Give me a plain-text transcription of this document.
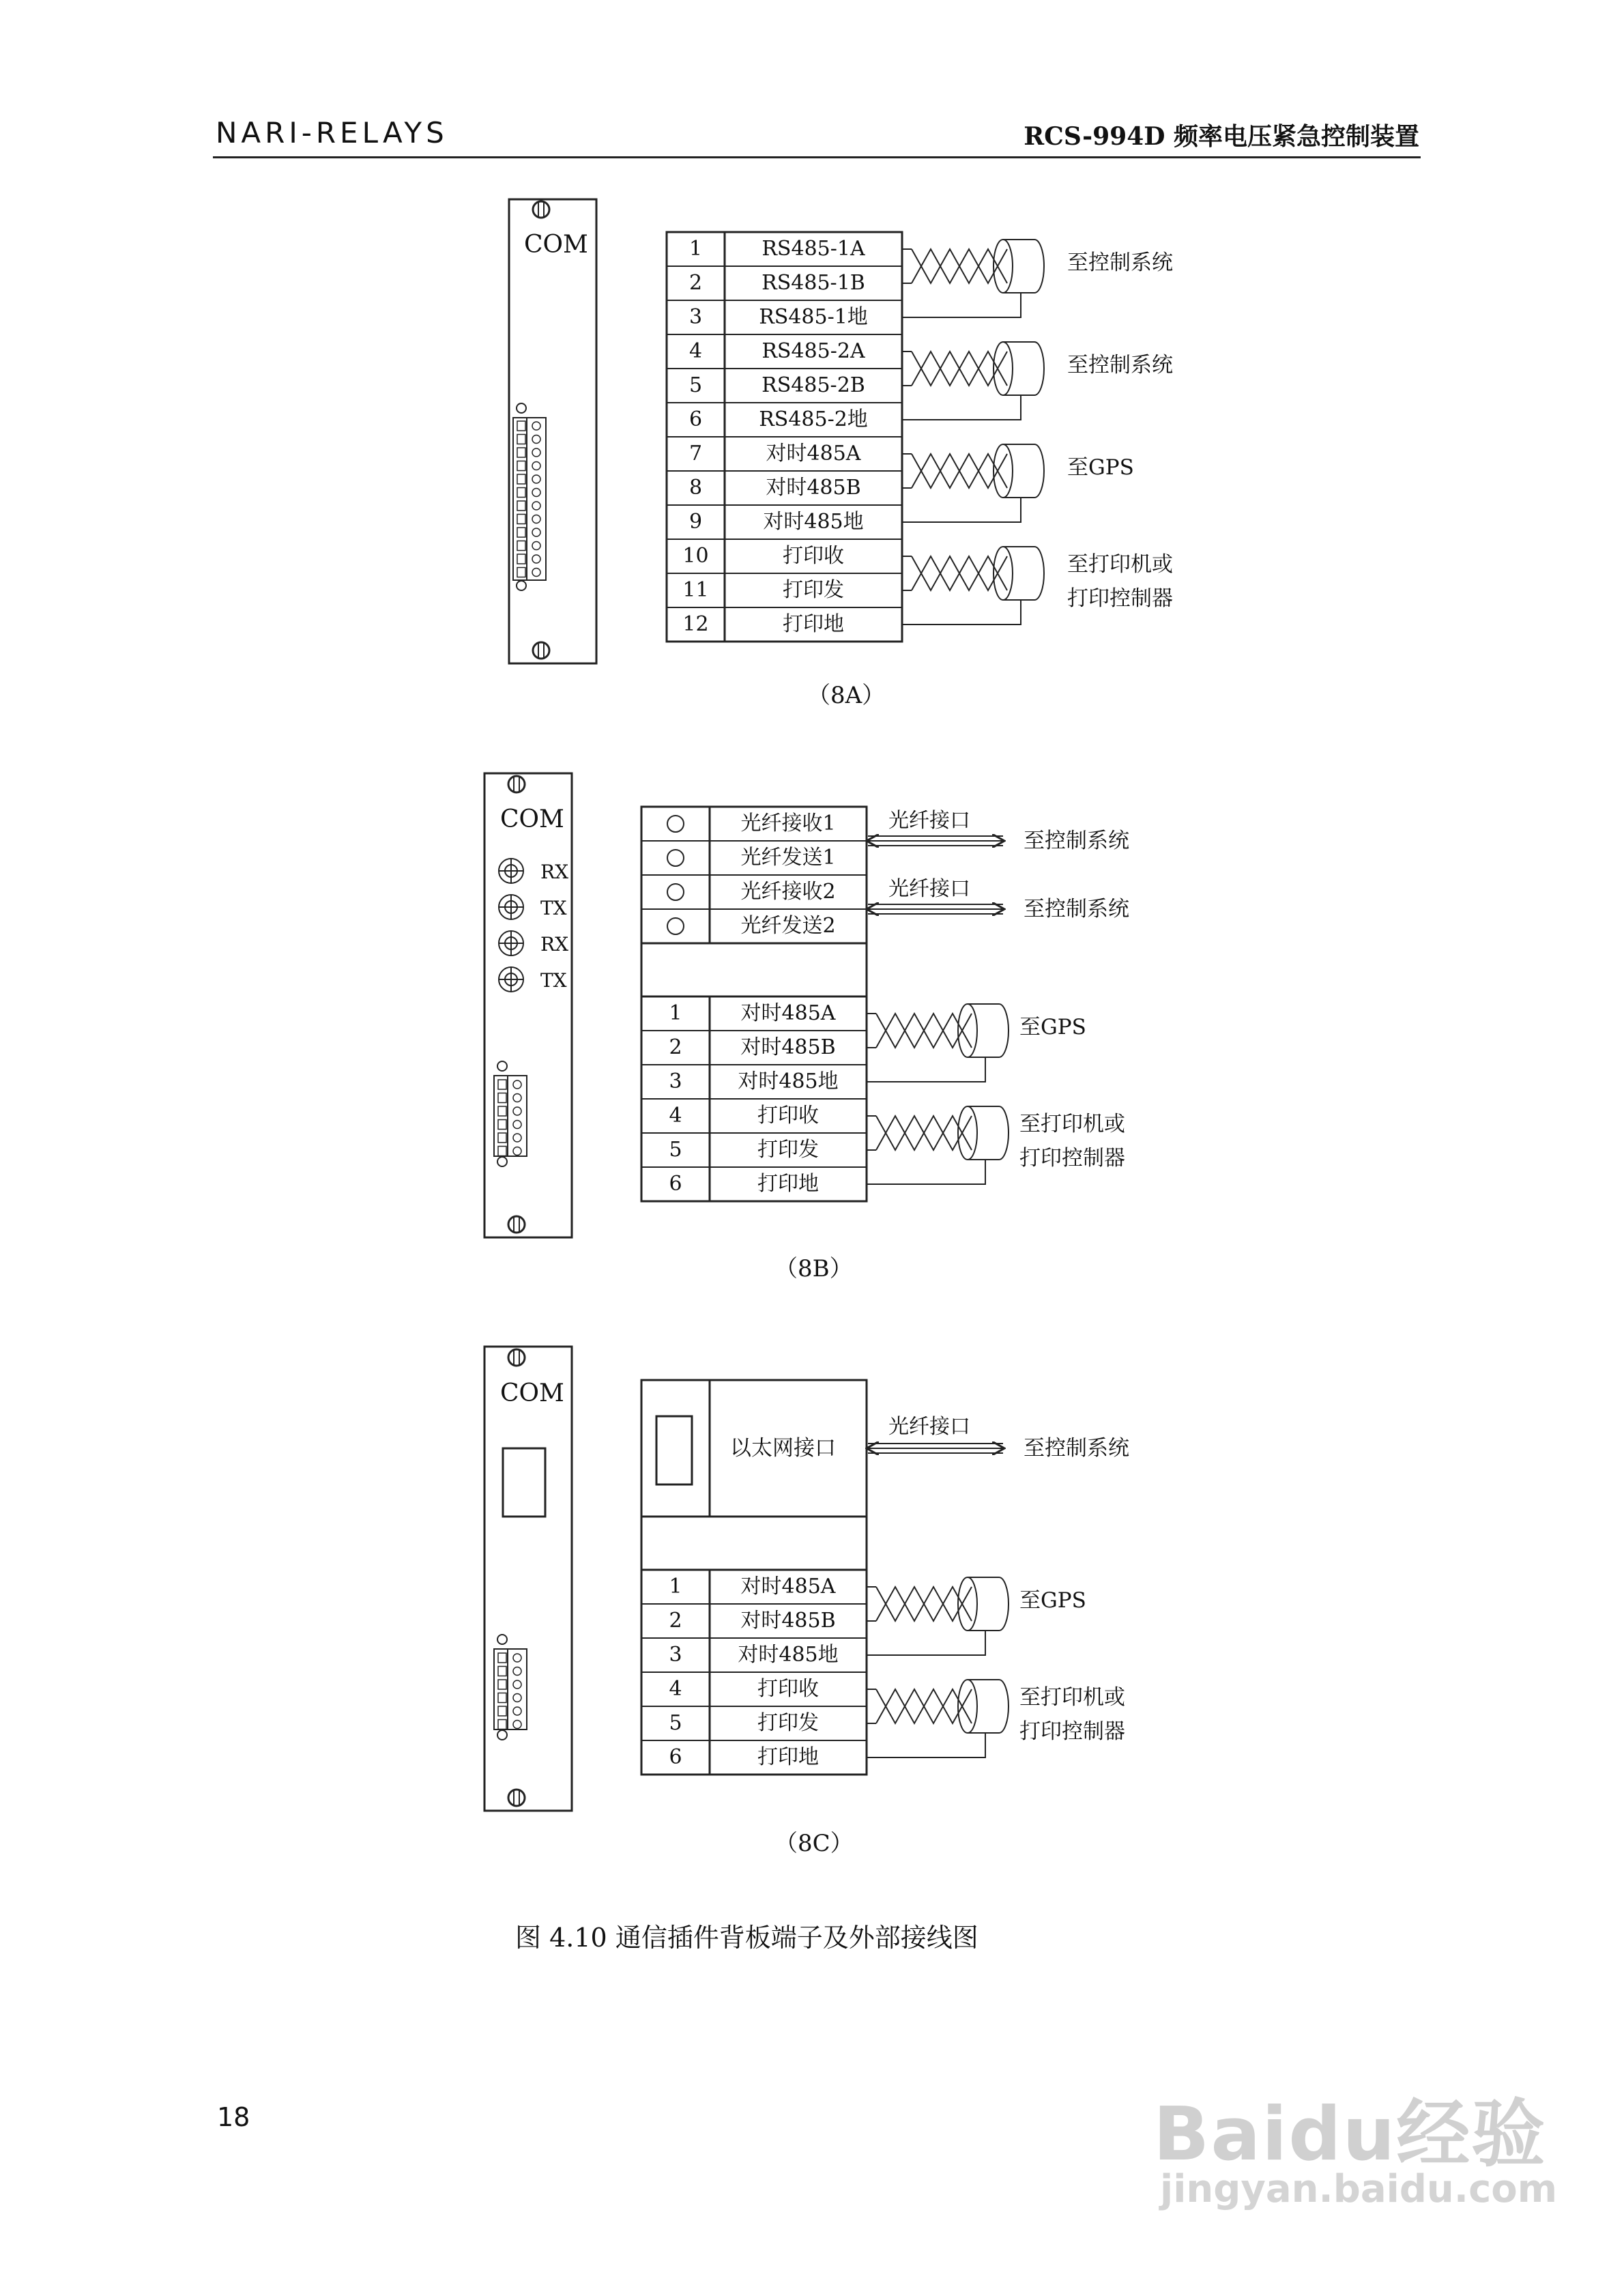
NARI-RELAYS	RCS-994D 频率电压紧急控制装置
COM	1	RS485-1A
2	RS485-1B
3	RS485-1地
4	RS485-2A
5	RS485-2B
6	RS485-2地
7	对时485A
8	对时485B
9	对时485地
10	打印收
11	打印发
12	打印地
至控制系统
至控制系统
至GPS
至打印机或
打印控制器
（8A）
COM
RX
TX
RX
TX
光纤接收1
光纤发送1
光纤接收2
光纤发送2
光纤接口
至控制系统
光纤接口
至控制系统
1	对时485A
2	对时485B
3	对时485地
4	打印收
5	打印发
6	打印地
至GPS
至打印机或
打印控制器
（8B）
COM
以太网接口
光纤接口
至控制系统
1	对时485A
2	对时485B
3	对时485地
4	打印收
5	打印发
6	打印地
至GPS
至打印机或
打印控制器
（8C）
图 4.10 通信插件背板端子及外部接线图
18	Baidu经验
jingyan.baidu.com
